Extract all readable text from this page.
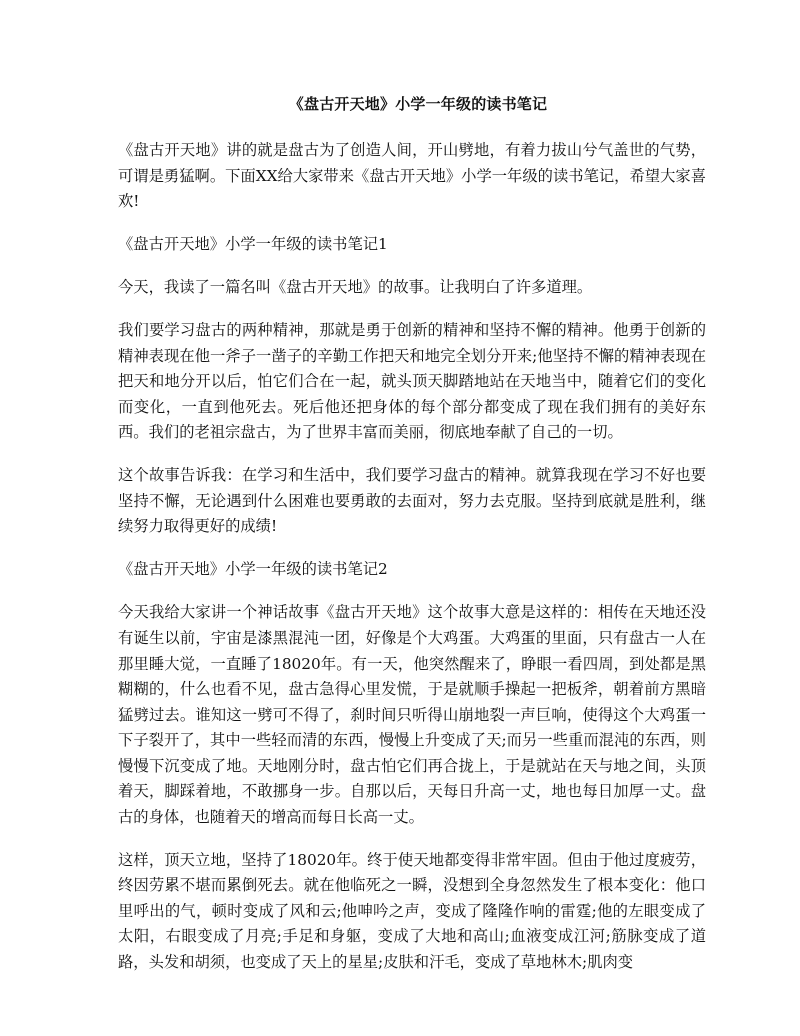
《盘古开天地》小学一年级的读书笔记

《盘古开天地》讲的就是盘古为了创造人间，开山劈地，有着力拔山兮气盖世的气势，可谓是勇猛啊。下面XX给大家带来《盘古开天地》小学一年级的读书笔记，希望大家喜欢!

《盘古开天地》小学一年级的读书笔记1

今天，我读了一篇名叫《盘古开天地》的故事。让我明白了许多道理。

我们要学习盘古的两种精神，那就是勇于创新的精神和坚持不懈的精神。他勇于创新的精神表现在他一斧子一凿子的辛勤工作把天和地完全划分开来;他坚持不懈的精神表现在把天和地分开以后，怕它们合在一起，就头顶天脚踏地站在天地当中，随着它们的变化而变化，一直到他死去。死后他还把身体的每个部分都变成了现在我们拥有的美好东西。我们的老祖宗盘古，为了世界丰富而美丽，彻底地奉献了自己的一切。

这个故事告诉我：在学习和生活中，我们要学习盘古的精神。就算我现在学习不好也要坚持不懈，无论遇到什么困难也要勇敢的去面对，努力去克服。坚持到底就是胜利，继续努力取得更好的成绩!

《盘古开天地》小学一年级的读书笔记2

今天我给大家讲一个神话故事《盘古开天地》这个故事大意是这样的：相传在天地还没有诞生以前，宇宙是漆黑混沌一团，好像是个大鸡蛋。大鸡蛋的里面，只有盘古一人在那里睡大觉，一直睡了18020年。有一天，他突然醒来了，睁眼一看四周，到处都是黑糊糊的，什么也看不见，盘古急得心里发慌，于是就顺手操起一把板斧，朝着前方黑暗猛劈过去。谁知这一劈可不得了，刹时间只听得山崩地裂一声巨响，使得这个大鸡蛋一下子裂开了，其中一些轻而清的东西，慢慢上升变成了天;而另一些重而混沌的东西，则慢慢下沉变成了地。天地刚分时，盘古怕它们再合拢上，于是就站在天与地之间，头顶着天，脚踩着地，不敢挪身一步。自那以后，天每日升高一丈，地也每日加厚一丈。盘古的身体，也随着天的增高而每日长高一丈。

这样，顶天立地，坚持了18020年。终于使天地都变得非常牢固。但由于他过度疲劳，终因劳累不堪而累倒死去。就在他临死之一瞬，没想到全身忽然发生了根本变化：他口里呼出的气，顿时变成了风和云;他呻吟之声，变成了隆隆作响的雷霆;他的左眼变成了太阳，右眼变成了月亮;手足和身躯，变成了大地和高山;血液变成江河;筋脉变成了道路，头发和胡须，也变成了天上的星星;皮肤和汗毛，变成了草地林木;肌肉变
